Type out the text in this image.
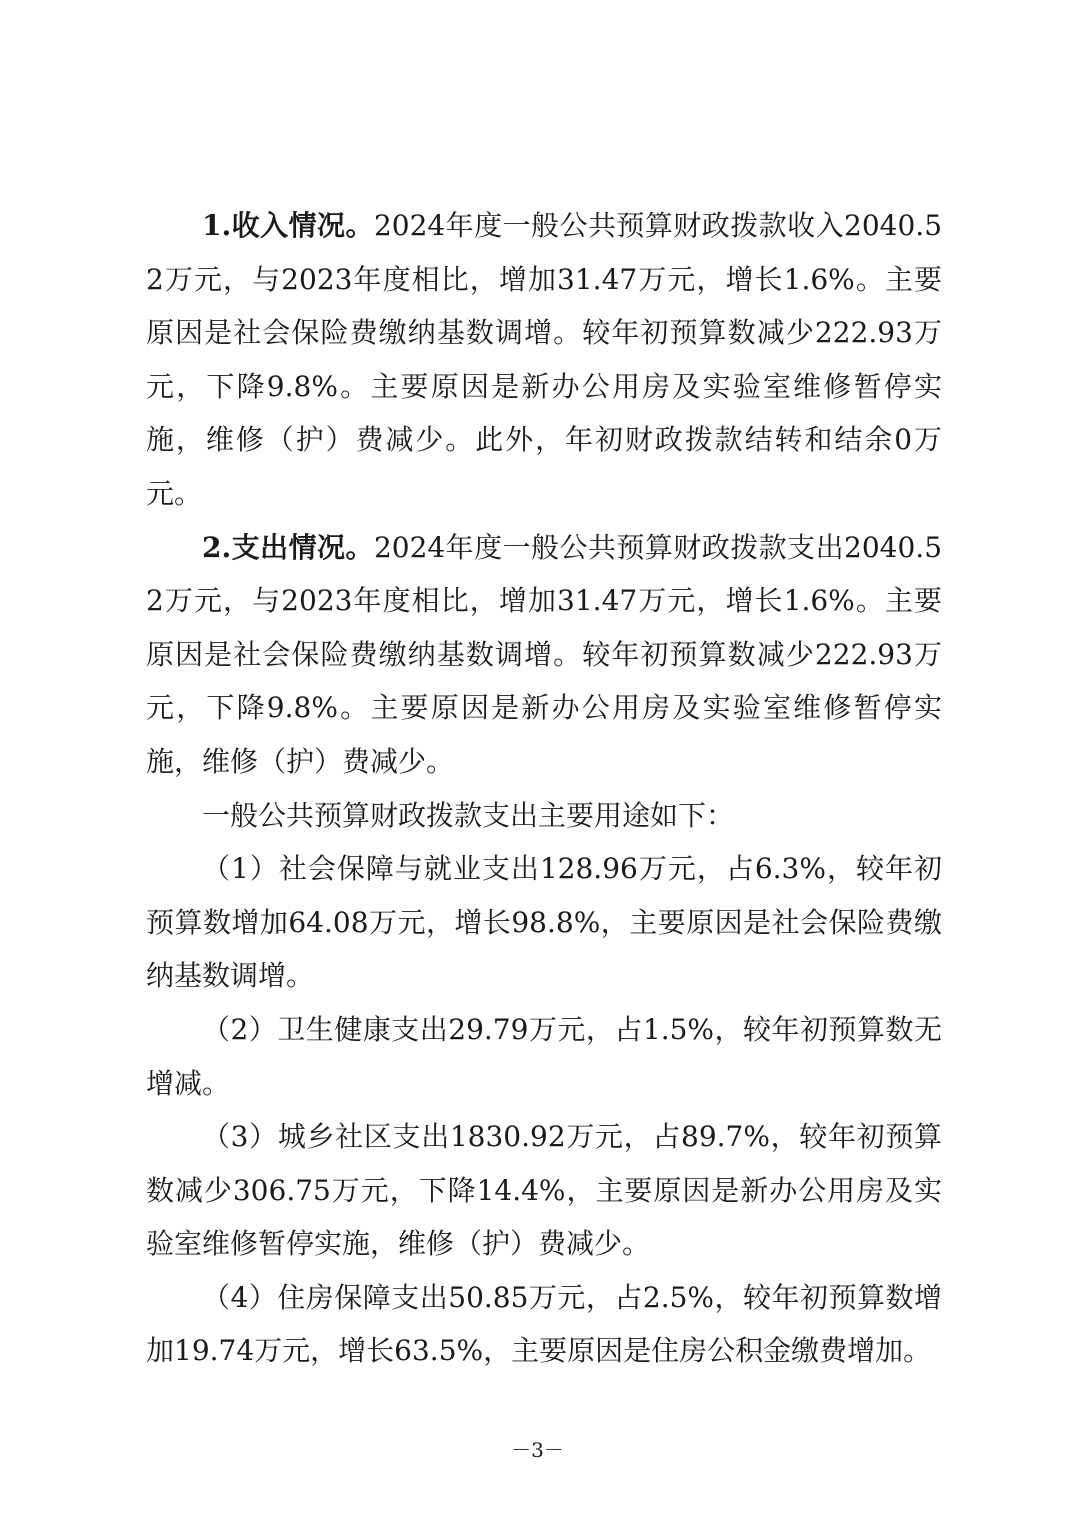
1.收入情况。2024年度一般公共预算财政拨款收入2040.52万元，与2023年度相比，增加31.47万元，增长1.6%。主要原因是社会保险费缴纳基数调增。较年初预算数减少222.93万元，下降9.8%。主要原因是新办公用房及实验室维修暂停实施，维修（护）费减少。此外，年初财政拨款结转和结余0万元。

2.支出情况。2024年度一般公共预算财政拨款支出2040.52万元，与2023年度相比，增加31.47万元，增长1.6%。主要原因是社会保险费缴纳基数调增。较年初预算数减少222.93万元，下降9.8%。主要原因是新办公用房及实验室维修暂停实施，维修（护）费减少。

一般公共预算财政拨款支出主要用途如下：

（1）社会保障与就业支出128.96万元，占6.3%，较年初预算数增加64.08万元，增长98.8%，主要原因是社会保险费缴纳基数调增。

（2）卫生健康支出29.79万元，占1.5%，较年初预算数无增减。

（3）城乡社区支出1830.92万元，占89.7%，较年初预算数减少306.75万元，下降14.4%，主要原因是新办公用房及实验室维修暂停实施，维修（护）费减少。

（4）住房保障支出50.85万元，占2.5%，较年初预算数增加19.74万元，增长63.5%，主要原因是住房公积金缴费增加。

－3－
